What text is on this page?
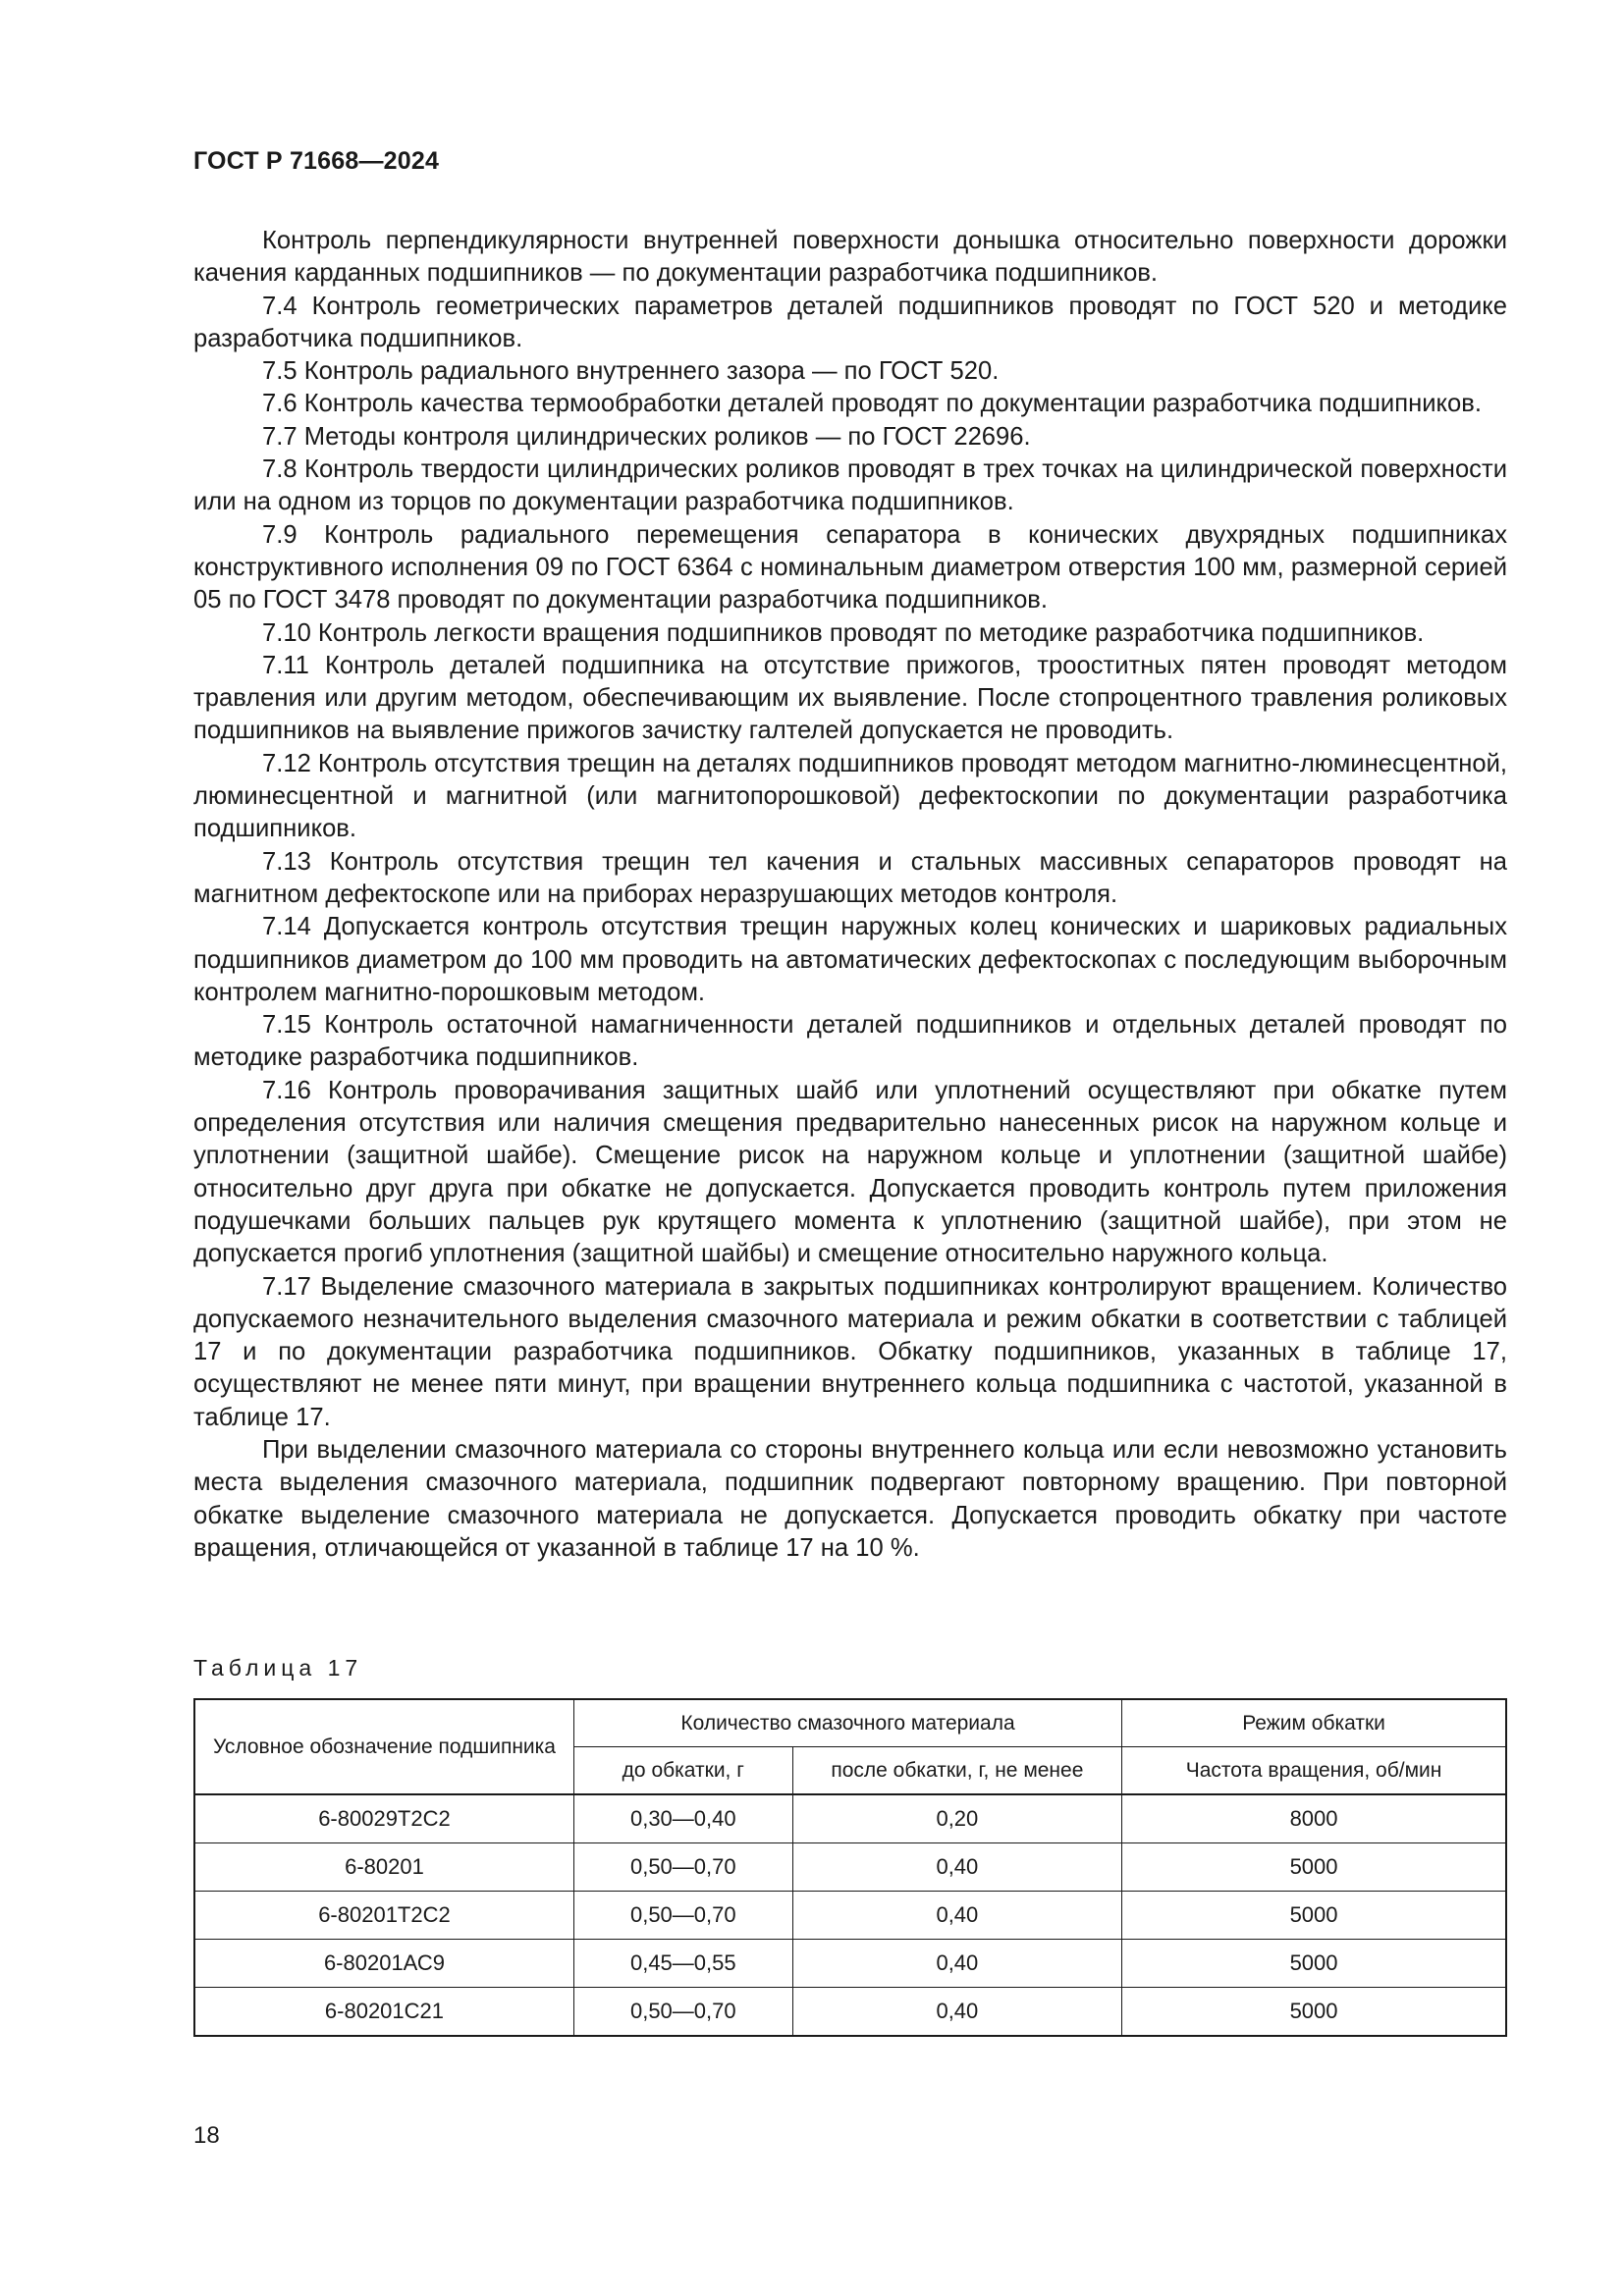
ГОСТ Р 71668—2024

Контроль перпендикулярности внутренней поверхности донышка относительно поверхности дорожки качения карданных подшипников — по документации разработчика подшипников.

7.4 Контроль геометрических параметров деталей подшипников проводят по ГОСТ 520 и методике разработчика подшипников.

7.5 Контроль радиального внутреннего зазора — по ГОСТ 520.

7.6 Контроль качества термообработки деталей проводят по документации разработчика подшипников.

7.7 Методы контроля цилиндрических роликов — по ГОСТ 22696.

7.8 Контроль твердости цилиндрических роликов проводят в трех точках на цилиндрической поверхности или на одном из торцов по документации разработчика подшипников.

7.9 Контроль радиального перемещения сепаратора в конических двухрядных подшипниках конструктивного исполнения 09 по ГОСТ 6364 с номинальным диаметром отверстия 100 мм, размерной серией 05 по ГОСТ 3478 проводят по документации разработчика подшипников.

7.10 Контроль легкости вращения подшипников проводят по методике разработчика подшипников.

7.11 Контроль деталей подшипника на отсутствие прижогов, трооститных пятен проводят методом травления или другим методом, обеспечивающим их выявление. После стопроцентного травления роликовых подшипников на выявление прижогов зачистку галтелей допускается не проводить.

7.12 Контроль отсутствия трещин на деталях подшипников проводят методом магнитно-люминесцентной, люминесцентной и магнитной (или магнитопорошковой) дефектоскопии по документации разработчика подшипников.

7.13 Контроль отсутствия трещин тел качения и стальных массивных сепараторов проводят на магнитном дефектоскопе или на приборах неразрушающих методов контроля.

7.14 Допускается контроль отсутствия трещин наружных колец конических и шариковых радиальных подшипников диаметром до 100 мм проводить на автоматических дефектоскопах с последующим выборочным контролем магнитно-порошковым методом.

7.15 Контроль остаточной намагниченности деталей подшипников и отдельных деталей проводят по методике разработчика подшипников.

7.16 Контроль проворачивания защитных шайб или уплотнений осуществляют при обкатке путем определения отсутствия или наличия смещения предварительно нанесенных рисок на наружном кольце и уплотнении (защитной шайбе). Смещение рисок на наружном кольце и уплотнении (защитной шайбе) относительно друг друга при обкатке не допускается. Допускается проводить контроль путем приложения подушечками больших пальцев рук крутящего момента к уплотнению (защитной шайбе), при этом не допускается прогиб уплотнения (защитной шайбы) и смещение относительно наружного кольца.

7.17 Выделение смазочного материала в закрытых подшипниках контролируют вращением. Количество допускаемого незначительного выделения смазочного материала и режим обкатки в соответствии с таблицей 17 и по документации разработчика подшипников. Обкатку подшипников, указанных в таблице 17, осуществляют не менее пяти минут, при вращении внутреннего кольца подшипника с частотой, указанной в таблице 17.

При выделении смазочного материала со стороны внутреннего кольца или если невозможно установить места выделения смазочного материала, подшипник подвергают повторному вращению. При повторной обкатке выделение смазочного материала не допускается. Допускается проводить обкатку при частоте вращения, отличающейся от указанной в таблице 17 на 10 %.

Таблица 17
Условное обозначение подшипника	Количество смазочного материала		Режим обкатки
	до обкатки, г	после обкатки, г, не менее	Частота вращения, об/мин
6-80029Т2С2	0,30—0,40	0,20	8000
6-80201	0,50—0,70	0,40	5000
6-80201Т2С2	0,50—0,70	0,40	5000
6-80201АС9	0,45—0,55	0,40	5000
6-80201С21	0,50—0,70	0,40	5000
18
